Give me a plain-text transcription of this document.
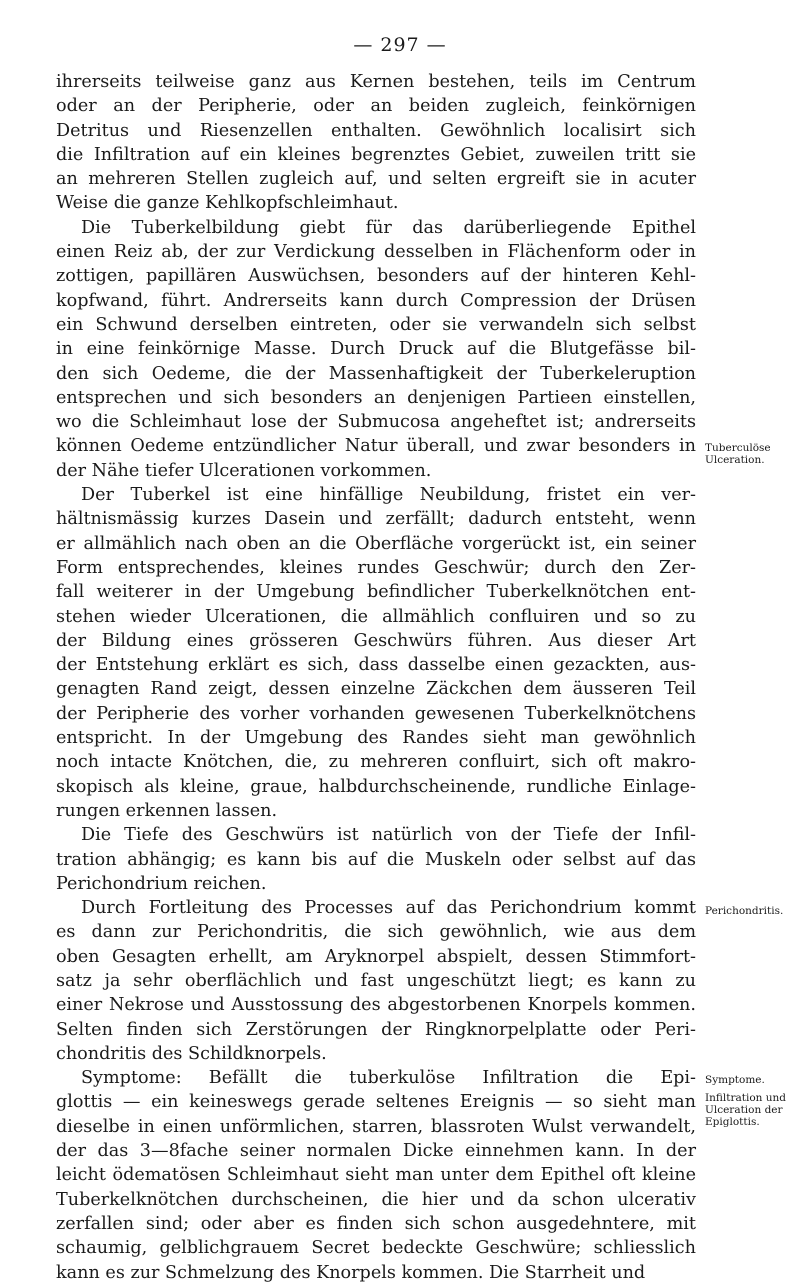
— 297 —
ihrerseits teilweise ganz aus Kernen bestehen, teils im Centrum
oder an der Peripherie, oder an beiden zugleich, feinkörnigen
Detritus und Riesenzellen enthalten. Gewöhnlich localisirt sich
die Infiltration auf ein kleines begrenztes Gebiet, zuweilen tritt sie
an mehreren Stellen zugleich auf, und selten ergreift sie in acuter
Weise die ganze Kehlkopfschleimhaut.
Die Tuberkelbildung giebt für das darüberliegende Epithel
einen Reiz ab, der zur Verdickung desselben in Flächenform oder in
zottigen, papillären Auswüchsen, besonders auf der hinteren Kehl-
kopfwand, führt. Andrerseits kann durch Compression der Drüsen
ein Schwund derselben eintreten, oder sie verwandeln sich selbst
in eine feinkörnige Masse. Durch Druck auf die Blutgefässe bil-
den sich Oedeme, die der Massenhaftigkeit der Tuberkeleruption
entsprechen und sich besonders an denjenigen Partieen einstellen,
wo die Schleimhaut lose der Submucosa angeheftet ist; andrerseits
können Oedeme entzündlicher Natur überall, und zwar besonders in
der Nähe tiefer Ulcerationen vorkommen.
Der Tuberkel ist eine hinfällige Neubildung, fristet ein ver-
hältnismässig kurzes Dasein und zerfällt; dadurch entsteht, wenn
er allmählich nach oben an die Oberfläche vorgerückt ist, ein seiner
Form entsprechendes, kleines rundes Geschwür; durch den Zer-
fall weiterer in der Umgebung befindlicher Tuberkelknötchen ent-
stehen wieder Ulcerationen, die allmählich confluiren und so zu
der Bildung eines grösseren Geschwürs führen. Aus dieser Art
der Entstehung erklärt es sich, dass dasselbe einen gezackten, aus-
genagten Rand zeigt, dessen einzelne Zäckchen dem äusseren Teil
der Peripherie des vorher vorhanden gewesenen Tuberkelknötchens
entspricht. In der Umgebung des Randes sieht man gewöhnlich
noch intacte Knötchen, die, zu mehreren confluirt, sich oft makro-
skopisch als kleine, graue, halbdurchscheinende, rundliche Einlage-
rungen erkennen lassen.
Die Tiefe des Geschwürs ist natürlich von der Tiefe der Infil-
tration abhängig; es kann bis auf die Muskeln oder selbst auf das
Perichondrium reichen.
Durch Fortleitung des Processes auf das Perichondrium kommt
es dann zur Perichondritis, die sich gewöhnlich, wie aus dem
oben Gesagten erhellt, am Aryknorpel abspielt, dessen Stimmfort-
satz ja sehr oberflächlich und fast ungeschützt liegt; es kann zu
einer Nekrose und Ausstossung des abgestorbenen Knorpels kommen.
Selten finden sich Zerstörungen der Ringknorpelplatte oder Peri-
chondritis des Schildknorpels.
Symptome: Befällt die tuberkulöse Infiltration die Epi-
glottis — ein keineswegs gerade seltenes Ereignis — so sieht man
dieselbe in einen unförmlichen, starren, blassroten Wulst verwandelt,
der das 3—8fache seiner normalen Dicke einnehmen kann. In der
leicht ödematösen Schleimhaut sieht man unter dem Epithel oft kleine
Tuberkelknötchen durchscheinen, die hier und da schon ulcerativ
zerfallen sind; oder aber es finden sich schon ausgedehntere, mit
schaumig, gelblichgrauem Secret bedeckte Geschwüre; schliesslich
kann es zur Schmelzung des Knorpels kommen. Die Starrheit und
Tuberculöse Ulceration.
Perichondritis.
Symptome.
Infiltration und Ulceration der Epiglottis.
